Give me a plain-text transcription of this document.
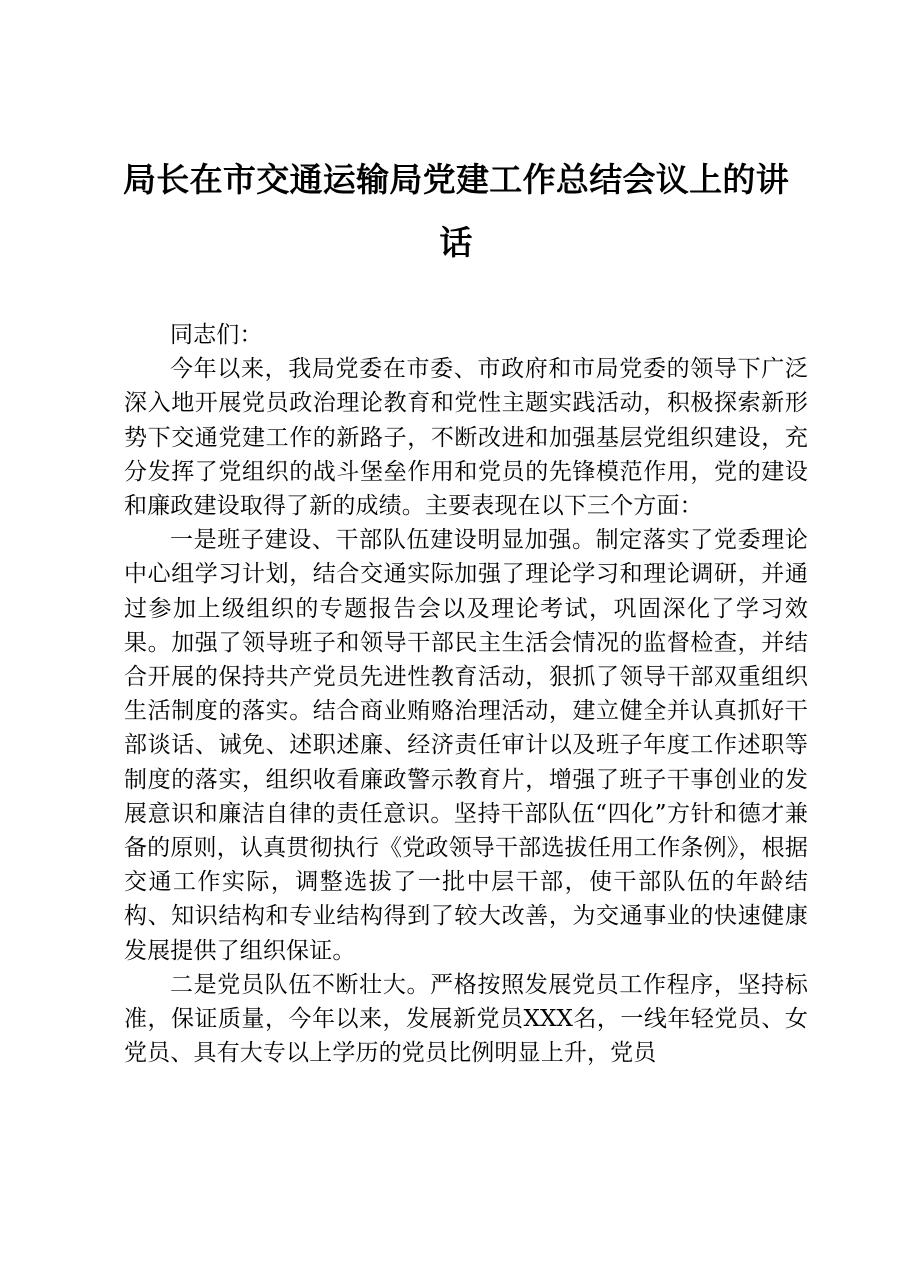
局长在市交通运输局党建工作总结会议上的讲话

同志们：

今年以来，我局党委在市委、市政府和市局党委的领导下广泛深入地开展党员政治理论教育和党性主题实践活动，积极探索新形势下交通党建工作的新路子，不断改进和加强基层党组织建设，充分发挥了党组织的战斗堡垒作用和党员的先锋模范作用，党的建设和廉政建设取得了新的成绩。主要表现在以下三个方面：

一是班子建设、干部队伍建设明显加强。制定落实了党委理论中心组学习计划，结合交通实际加强了理论学习和理论调研，并通过参加上级组织的专题报告会以及理论考试，巩固深化了学习效果。加强了领导班子和领导干部民主生活会情况的监督检查，并结合开展的保持共产党员先进性教育活动，狠抓了领导干部双重组织生活制度的落实。结合商业贿赂治理活动，建立健全并认真抓好干部谈话、诫免、述职述廉、经济责任审计以及班子年度工作述职等制度的落实，组织收看廉政警示教育片，增强了班子干事创业的发展意识和廉洁自律的责任意识。坚持干部队伍“四化”方针和德才兼备的原则，认真贯彻执行《党政领导干部选拔任用工作条例》，根据交通工作实际，调整选拔了一批中层干部，使干部队伍的年龄结构、知识结构和专业结构得到了较大改善，为交通事业的快速健康发展提供了组织保证。

二是党员队伍不断壮大。严格按照发展党员工作程序，坚持标准，保证质量，今年以来，发展新党员XXX名，一线年轻党员、女党员、具有大专以上学历的党员比例明显上升，党员
